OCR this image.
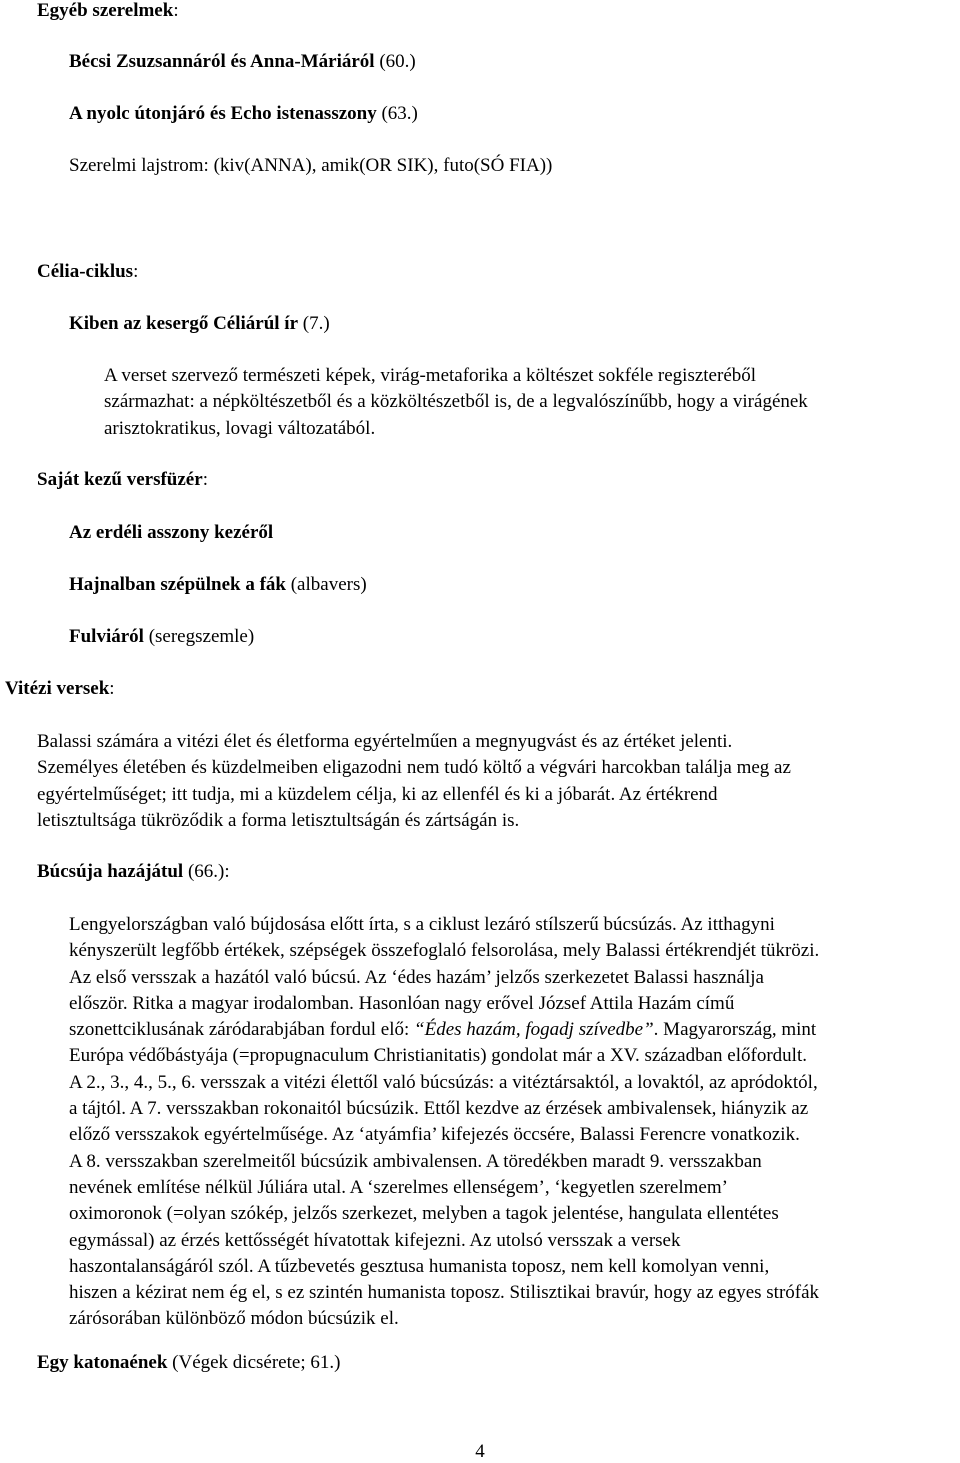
Egyéb szerelmek:
Bécsi Zsuzsannáról és Anna-Máriáról (60.)
A nyolc útonjáró és Echo istenasszony (63.)
Szerelmi lajstrom: (kiv(ANNA), amik(OR SIK), futo(SÓ FIA))
Célia-ciklus:
Kiben az kesergő Céliárúl ír (7.)

A verset szervező természeti képek, virág-metaforika a költészet sokféle regiszteréből

származhat: a népköltészetből és a közköltészetből is, de a legvalószínűbb, hogy a virágének

arisztokratikus, lovagi változatából.

Saját kezű versfüzér:
Az erdéli asszony kezéről
Hajnalban szépülnek a fák (albavers)
Fulviáról (seregszemle)
Vitézi versek:

Balassi számára a vitézi élet és életforma egyértelműen a megnyugvást és az értéket jelenti.

Személyes életében és küzdelmeiben eligazodni nem tudó költő a végvári harcokban találja meg az

egyértelműséget; itt tudja, mi a küzdelem célja, ki az ellenfél és ki a jóbarát. Az értékrend

letisztultsága tükröződik a forma letisztultságán és zártságán is.

Búcsúja hazájátul (66.):

Lengyelországban való bújdosása előtt írta, s a ciklust lezáró stílszerű búcsúzás. Az itthagyni

kényszerült legfőbb értékek, szépségek összefoglaló felsorolása, mely Balassi értékrendjét tükrözi.

Az első versszak a hazától való búcsú. Az ‘édes hazám’ jelzős szerkezetet Balassi használja

először. Ritka a magyar irodalomban. Hasonlóan nagy erővel József Attila Hazám című

szonettciklusának záródarabjában fordul elő: “Édes hazám, fogadj szívedbe”. Magyarország, mint

Európa védőbástyája (=propugnaculum Christianitatis) gondolat már a XV. században előfordult.

A 2., 3., 4., 5., 6. versszak a vitézi élettől való búcsúzás: a vitéztársaktól, a lovaktól, az apródoktól,

a tájtól. A 7. versszakban rokonaitól búcsúzik. Ettől kezdve az érzések ambivalensek, hiányzik az

előző versszakok egyértelműsége. Az ‘atyámfia’ kifejezés öccsére, Balassi Ferencre vonatkozik.

A 8. versszakban szerelmeitől búcsúzik ambivalensen. A töredékben maradt 9. versszakban

nevének említése nélkül Júliára utal. A ‘szerelmes ellenségem’, ‘kegyetlen szerelmem’

oximoronok (=olyan szókép, jelzős szerkezet, melyben a tagok jelentése, hangulata ellentétes

egymással) az érzés kettősségét hívatottak kifejezni. Az utolsó versszak a versek

haszontalanságáról szól. A tűzbevetés gesztusa humanista toposz, nem kell komolyan venni,

hiszen a kézirat nem ég el, s ez szintén humanista toposz. Stilisztikai bravúr, hogy az egyes strófák

zárósorában különböző módon búcsúzik el.

Egy katonaének (Végek dicsérete; 61.)
4
